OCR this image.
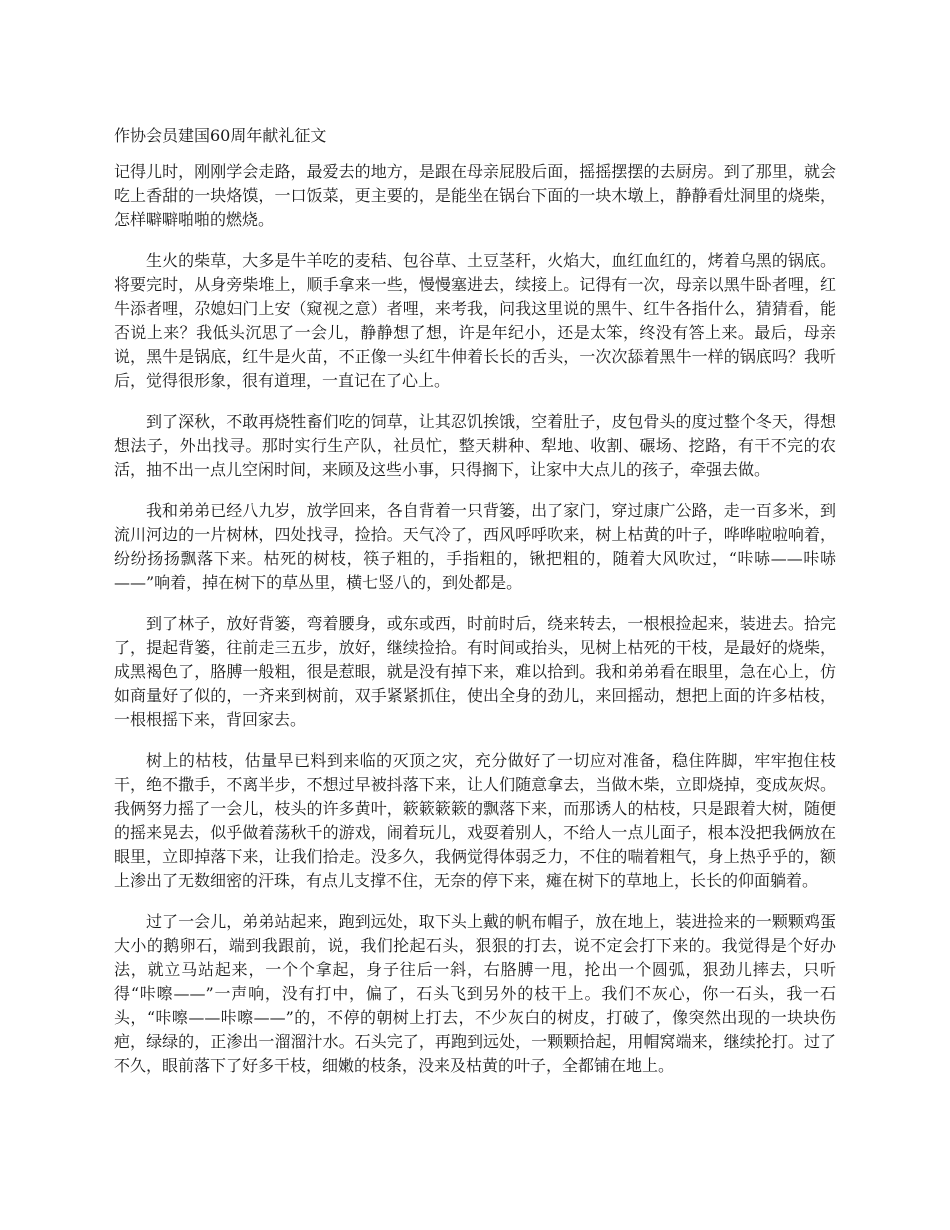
作协会员建国60周年献礼征文

记得儿时，刚刚学会走路，最爱去的地方，是跟在母亲屁股后面，摇摇摆摆的去厨房。到了那里，就会吃上香甜的一块烙馍，一口饭菜，更主要的，是能坐在锅台下面的一块木墩上，静静看灶洞里的烧柴，怎样噼噼啪啪的燃烧。

生火的柴草，大多是牛羊吃的麦秸、包谷草、土豆茎秆，火焰大，血红血红的，烤着乌黑的锅底。将要完时，从身旁柴堆上，顺手拿来一些，慢慢塞进去，续接上。记得有一次，母亲以黑牛卧者哩，红牛添者哩，尕媳妇门上安（窥视之意）者哩，来考我，问我这里说的黑牛、红牛各指什么，猜猜看，能否说上来？我低头沉思了一会儿，静静想了想，许是年纪小，还是太笨，终没有答上来。最后，母亲说，黑牛是锅底，红牛是火苗，不正像一头红牛伸着长长的舌头，一次次舔着黑牛一样的锅底吗？我听后，觉得很形象，很有道理，一直记在了心上。

到了深秋，不敢再烧牲畜们吃的饲草，让其忍饥挨饿，空着肚子，皮包骨头的度过整个冬天，得想想法子，外出找寻。那时实行生产队，社员忙，整天耕种、犁地、收割、碾场、挖路，有干不完的农活，抽不出一点儿空闲时间，来顾及这些小事，只得搁下，让家中大点儿的孩子，牵强去做。

我和弟弟已经八九岁，放学回来，各自背着一只背篓，出了家门，穿过康广公路，走一百多米，到流川河边的一片树林，四处找寻，捡拾。天气冷了，西风呼呼吹来，树上枯黄的叶子，哗哗啦啦响着，纷纷扬扬飘落下来。枯死的树枝，筷子粗的，手指粗的，锹把粗的，随着大风吹过，“咔哧——咔哧——”响着，掉在树下的草丛里，横七竖八的，到处都是。

到了林子，放好背篓，弯着腰身，或东或西，时前时后，绕来转去，一根根捡起来，装进去。拾完了，提起背篓，往前走三五步，放好，继续捡拾。有时间或抬头，见树上枯死的干枝，是最好的烧柴，成黑褐色了，胳膊一般粗，很是惹眼，就是没有掉下来，难以拾到。我和弟弟看在眼里，急在心上，仿如商量好了似的，一齐来到树前，双手紧紧抓住，使出全身的劲儿，来回摇动，想把上面的许多枯枝，一根根摇下来，背回家去。

树上的枯枝，估量早已料到来临的灭顶之灾，充分做好了一切应对准备，稳住阵脚，牢牢抱住枝干，绝不撒手，不离半步，不想过早被抖落下来，让人们随意拿去，当做木柴，立即烧掉，变成灰烬。我俩努力摇了一会儿，枝头的许多黄叶，簌簌簌簌的飘落下来，而那诱人的枯枝，只是跟着大树，随便的摇来晃去，似乎做着荡秋千的游戏，闹着玩儿，戏耍着别人，不给人一点儿面子，根本没把我俩放在眼里，立即掉落下来，让我们拾走。没多久，我俩觉得体弱乏力，不住的喘着粗气，身上热乎乎的，额上渗出了无数细密的汗珠，有点儿支撑不住，无奈的停下来，瘫在树下的草地上，长长的仰面躺着。

过了一会儿，弟弟站起来，跑到远处，取下头上戴的帆布帽子，放在地上，装进捡来的一颗颗鸡蛋大小的鹅卵石，端到我跟前，说，我们抡起石头，狠狠的打去，说不定会打下来的。我觉得是个好办法，就立马站起来，一个个拿起，身子往后一斜，右胳膊一甩，抡出一个圆弧，狠劲儿摔去，只听得“咔嚓——”一声响，没有打中，偏了，石头飞到另外的枝干上。我们不灰心，你一石头，我一石头，“咔嚓——咔嚓——”的，不停的朝树上打去，不少灰白的树皮，打破了，像突然出现的一块块伤疤，绿绿的，正渗出一溜溜汁水。石头完了，再跑到远处，一颗颗拾起，用帽窝端来，继续抡打。过了不久，眼前落下了好多干枝，细嫩的枝条，没来及枯黄的叶子，全都铺在地上。
